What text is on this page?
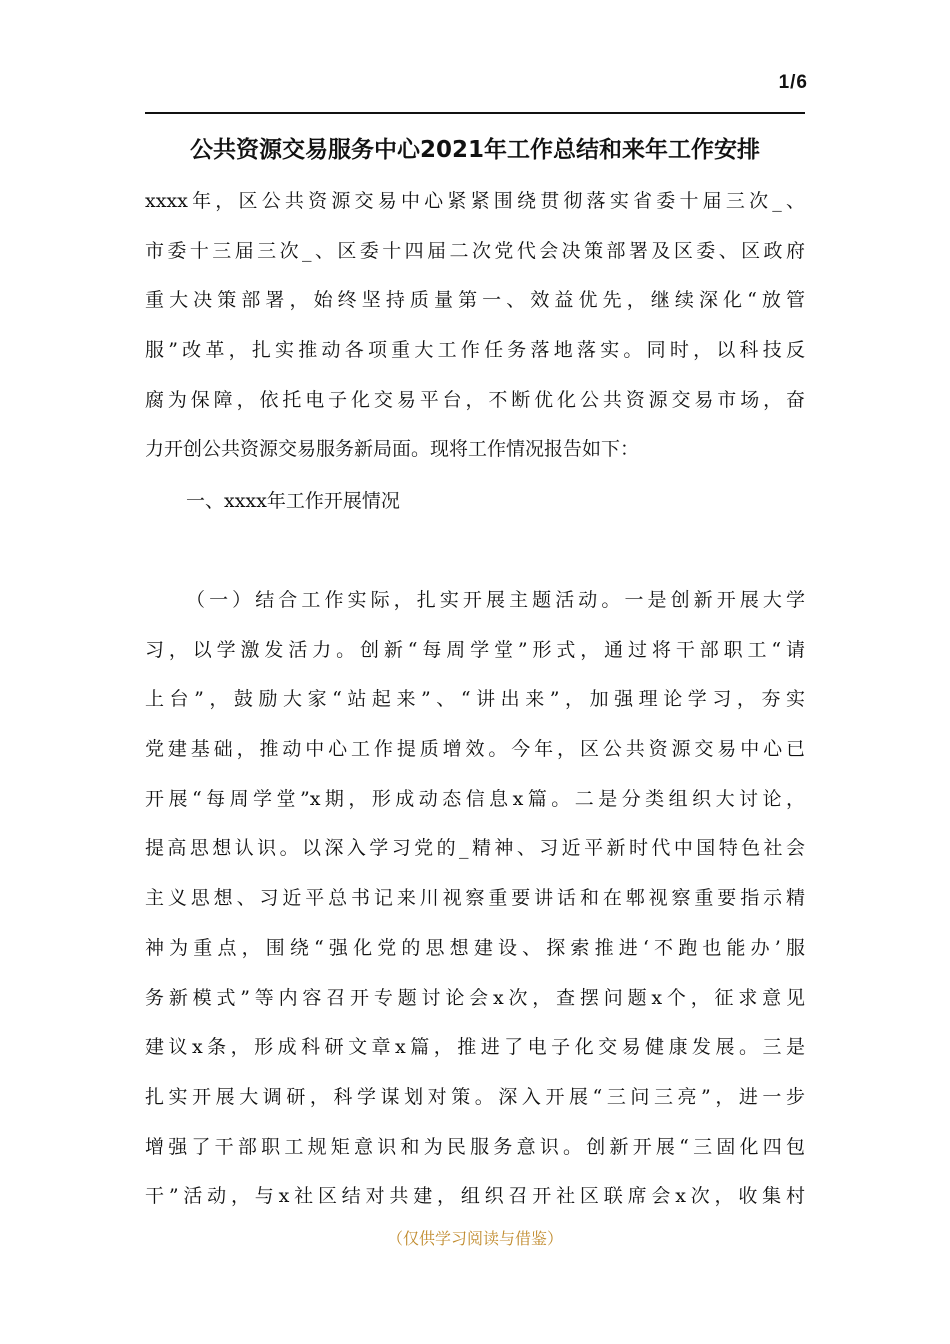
1/6
公共资源交易服务中心2021年工作总结和来年工作安排
xxxx年，区公共资源交易中心紧紧围绕贯彻落实省委十届三次_、
市委十三届三次_、区委十四届二次党代会决策部署及区委、区政府
重大决策部署，始终坚持质量第一、效益优先，继续深化“放管
服”改革，扎实推动各项重大工作任务落地落实。同时，以科技反
腐为保障，依托电子化交易平台，不断优化公共资源交易市场，奋
力开创公共资源交易服务新局面。现将工作情况报告如下：
一、xxxx年工作开展情况
（一）结合工作实际，扎实开展主题活动。一是创新开展大学
习，以学激发活力。创新“每周学堂”形式，通过将干部职工“请
上台”，鼓励大家“站起来”、“讲出来”，加强理论学习，夯实
党建基础，推动中心工作提质增效。今年，区公共资源交易中心已
开展“每周学堂”x期，形成动态信息x篇。二是分类组织大讨论，
提高思想认识。以深入学习党的_精神、习近平新时代中国特色社会
主义思想、习近平总书记来川视察重要讲话和在郫视察重要指示精
神为重点，围绕“强化党的思想建设、探索推进‘不跑也能办’服
务新模式”等内容召开专题讨论会x次，查摆问题x个，征求意见
建议x条，形成科研文章x篇，推进了电子化交易健康发展。三是
扎实开展大调研，科学谋划对策。深入开展“三问三亮”，进一步
增强了干部职工规矩意识和为民服务意识。创新开展“三固化四包
干”活动，与x社区结对共建，组织召开社区联席会x次，收集村
（仅供学习阅读与借鉴）
